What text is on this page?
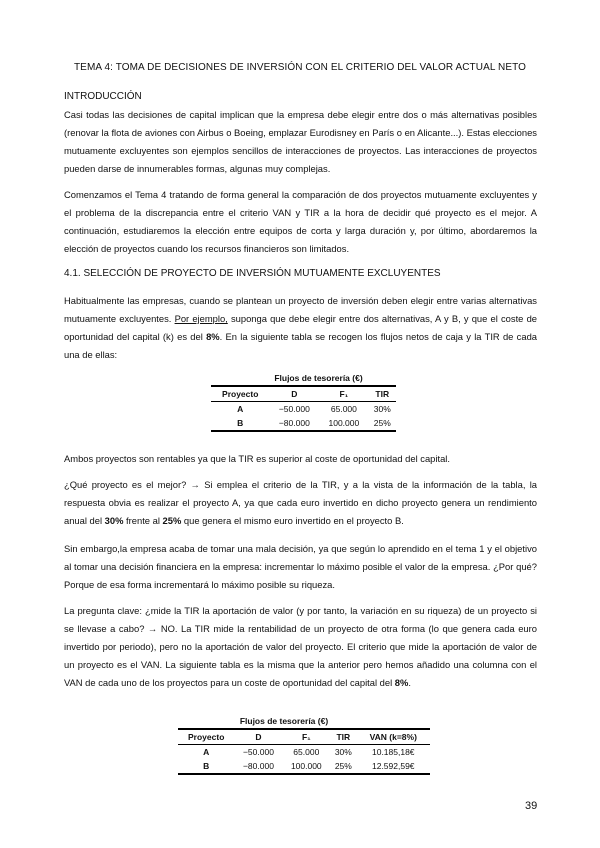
TEMA 4: TOMA DE DECISIONES DE INVERSIÓN CON EL CRITERIO DEL VALOR ACTUAL NETO
INTRODUCCIÓN
Casi todas las decisiones de capital implican que la empresa debe elegir entre dos o más alternativas posibles (renovar la flota de aviones con Airbus o Boeing, emplazar Eurodisney en París o en Alicante...). Estas elecciones mutuamente excluyentes son ejemplos sencillos de interacciones de proyectos. Las interacciones de proyectos pueden darse de innumerables formas, algunas muy complejas.
Comenzamos el Tema 4 tratando de forma general la comparación de dos proyectos mutuamente excluyentes y el problema de la discrepancia entre el criterio VAN y TIR a la hora de decidir qué proyecto es el mejor. A continuación, estudiaremos la elección entre equipos de corta y larga duración y, por último, abordaremos la elección de proyectos cuando los recursos financieros son limitados.
4.1. SELECCIÓN DE PROYECTO DE INVERSIÓN MUTUAMENTE EXCLUYENTES
Habitualmente las empresas, cuando se plantean un proyecto de inversión deben elegir entre varias alternativas mutuamente excluyentes. Por ejemplo, suponga que debe elegir entre dos alternativas, A y B, y que el coste de oportunidad del capital (k) es del 8%. En la siguiente tabla se recogen los flujos netos de caja y la TIR de cada una de ellas:
Flujos de tesorería (€)			
Proyecto	D	F₁	TIR
A	−50.000	65.000	30%
B	−80.000	100.000	25%
Ambos proyectos son rentables ya que la TIR es superior al coste de oportunidad del capital.
¿Qué proyecto es el mejor? → Si emplea el criterio de la TIR, y a la vista de la información de la tabla, la respuesta obvia es realizar el proyecto A, ya que cada euro invertido en dicho proyecto genera un rendimiento anual del 30% frente al 25% que genera el mismo euro invertido en el proyecto B.
Sin embargo,la empresa acaba de tomar una mala decisión, ya que según lo aprendido en el tema 1 y el objetivo al tomar una decisión financiera en la empresa: incrementar lo máximo posible el valor de la empresa. ¿Por qué? Porque de esa forma incrementará lo máximo posible su riqueza.
La pregunta clave: ¿mide la TIR la aportación de valor (y por tanto, la variación en su riqueza) de un proyecto si se llevase a cabo? → NO. La TIR mide la rentabilidad de un proyecto de otra forma (lo que genera cada euro invertido por periodo), pero no la aportación de valor del proyecto. El criterio que mide la aportación de valor de un proyecto es el VAN. La siguiente tabla es la misma que la anterior pero hemos añadido una columna con el VAN de cada uno de los proyectos para un coste de oportunidad del capital del 8%.
Flujos de tesorería (€)				
Proyecto	D	F₁	TIR	VAN (k=8%)
A	−50.000	65.000	30%	10.185,18€
B	−80.000	100.000	25%	12.592,59€
39
